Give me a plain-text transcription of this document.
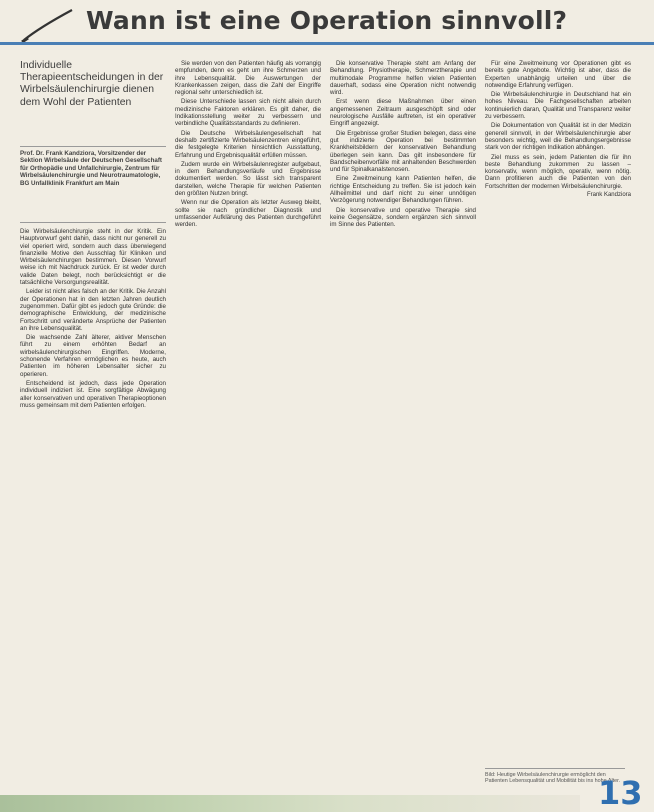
Wann ist eine Operation sinnvoll?
Individuelle Therapieentscheidungen in der Wirbelsäulenchirurgie dienen dem Wohl der Patienten
Prof. Dr. Frank Kandziora, Vorsitzender der Sektion Wirbelsäule der Deutschen Gesellschaft für Orthopädie und Unfallchirurgie, Zentrum für Wirbelsäulenchirurgie und Neurotraumatologie, BG Unfallklinik Frankfurt am Main

Die Wirbelsäulenchirurgie steht in der Kritik. Ein Hauptvorwurf geht dahin, dass nicht nur generell zu viel operiert wird, sondern auch dass überwiegend finanzielle Motive den Ausschlag für Kliniken und Wirbelsäulenchirurgen bestimmen. Diesen Vorwurf weise ich mit Nachdruck zurück. Er ist weder durch valide Daten belegt, noch berücksichtigt er die tatsächliche Versorgungsrealität.

Leider ist nicht alles falsch an der Kritik. Die Anzahl der Operationen hat in den letzten Jahren deutlich zugenommen. Dafür gibt es jedoch gute Gründe: die demographische Entwicklung, der medizinische Fortschritt und veränderte Ansprüche der Patienten an ihre Lebensqualität.

Die wachsende Zahl älterer, aktiver Menschen führt zu einem erhöhten Bedarf an wirbelsäulenchirurgischen Eingriffen. Moderne, schonende Verfahren ermöglichen es heute, auch Patienten im höheren Lebensalter sicher zu operieren.

Entscheidend ist jedoch, dass jede Operation individuell indiziert ist. Eine sorgfältige Abwägung aller konservativen und operativen Therapieoptionen muss gemeinsam mit dem Patienten erfolgen.

Sie werden von den Patienten häufig als vorrangig empfunden, denn es geht um ihre Schmerzen und ihre Lebensqualität. Die Auswertungen der Krankenkassen zeigen, dass die Zahl der Eingriffe regional sehr unterschiedlich ist.

Diese Unterschiede lassen sich nicht allein durch medizinische Faktoren erklären. Es gilt daher, die Indikationsstellung weiter zu verbessern und verbindliche Qualitätsstandards zu definieren.

Die Deutsche Wirbelsäulengesellschaft hat deshalb zertifizierte Wirbelsäulenzentren eingeführt, die festgelegte Kriterien hinsichtlich Ausstattung, Erfahrung und Ergebnisqualität erfüllen müssen.

Zudem wurde ein Wirbelsäulenregister aufgebaut, in dem Behandlungsverläufe und Ergebnisse dokumentiert werden. So lässt sich transparent darstellen, welche Therapie für welchen Patienten den größten Nutzen bringt.

Wenn nur die Operation als letzter Ausweg bleibt, sollte sie nach gründlicher Diagnostik und umfassender Aufklärung des Patienten durchgeführt werden.

Die konservative Therapie steht am Anfang der Behandlung. Physiotherapie, Schmerztherapie und multimodale Programme helfen vielen Patienten dauerhaft, sodass eine Operation nicht notwendig wird.

Erst wenn diese Maßnahmen über einen angemessenen Zeitraum ausgeschöpft sind oder neurologische Ausfälle auftreten, ist ein operativer Eingriff angezeigt.

Die Ergebnisse großer Studien belegen, dass eine gut indizierte Operation bei bestimmten Krankheitsbildern der konservativen Behandlung überlegen sein kann. Das gilt insbesondere für Bandscheibenvorfälle mit anhaltenden Beschwerden und für Spinalkanalstenosen.

Eine Zweitmeinung kann Patienten helfen, die richtige Entscheidung zu treffen. Sie ist jedoch kein Allheilmittel und darf nicht zu einer unnötigen Verzögerung notwendiger Behandlungen führen.

Die konservative und operative Therapie sind keine Gegensätze, sondern ergänzen sich sinnvoll im Sinne des Patienten.

Für eine Zweitmeinung vor Operationen gibt es bereits gute Angebote. Wichtig ist aber, dass die Experten unabhängig urteilen und über die notwendige Erfahrung verfügen.

Die Wirbelsäulenchirurgie in Deutschland hat ein hohes Niveau. Die Fachgesellschaften arbeiten kontinuierlich daran, Qualität und Transparenz weiter zu verbessern.

Die Dokumentation von Qualität ist in der Medizin generell sinnvoll, in der Wirbelsäulenchirurgie aber besonders wichtig, weil die Behandlungsergebnisse stark von der richtigen Indikation abhängen.

Ziel muss es sein, jedem Patienten die für ihn beste Behandlung zukommen zu lassen – konservativ, wenn möglich, operativ, wenn nötig. Dann profitieren auch die Patienten von den Fortschritten der modernen Wirbelsäulenchirurgie.

Frank Kandziora

Bild: Heutige Wirbelsäulenchirurgie ermöglicht den Patienten Lebensqualität und Mobilität bis ins hohe Alter.
13
